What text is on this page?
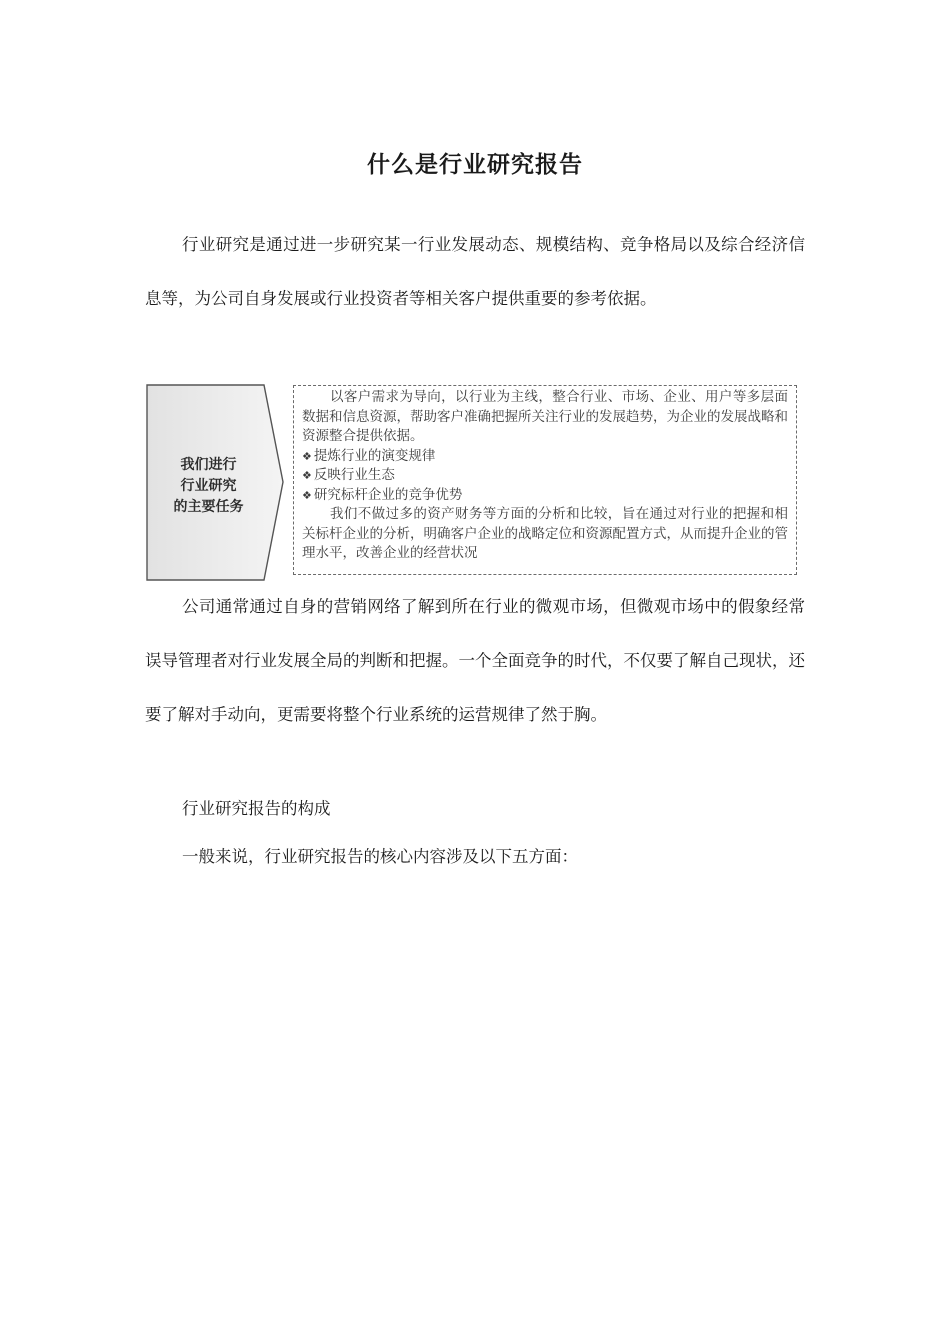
什么是行业研究报告

行业研究是通过进一步研究某一行业发展动态、规模结构、竞争格局以及综合经济信息等，为公司自身发展或行业投资者等相关客户提供重要的参考依据。

我们进行
行业研究
的主要任务

以客户需求为导向，以行业为主线，整合行业、市场、企业、用户等多层面数据和信息资源，帮助客户准确把握所关注行业的发展趋势，为企业的发展战略和资源整合提供依据。

❖ 提炼行业的演变规律

❖ 反映行业生态

❖ 研究标杆企业的竞争优势

我们不做过多的资产财务等方面的分析和比较，旨在通过对行业的把握和相关标杆企业的分析，明确客户企业的战略定位和资源配置方式，从而提升企业的管理水平，改善企业的经营状况

公司通常通过自身的营销网络了解到所在行业的微观市场，但微观市场中的假象经常误导管理者对行业发展全局的判断和把握。一个全面竞争的时代，不仅要了解自己现状，还要了解对手动向，更需要将整个行业系统的运营规律了然于胸。

行业研究报告的构成

一般来说，行业研究报告的核心内容涉及以下五方面：
